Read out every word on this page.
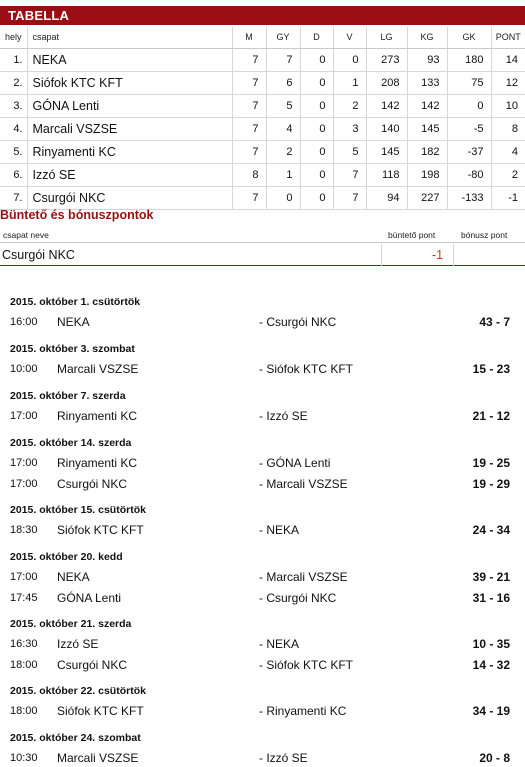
TABELLA
hely	csapat	M	GY	D	V	LG	KG	GK	PONT
1.	NEKA	7	7	0	0	273	93	180	14
2.	Siófok KTC KFT	7	6	0	1	208	133	75	12
3.	GÓNA Lenti	7	5	0	2	142	142	0	10
4.	Marcali VSZSE	7	4	0	3	140	145	-5	8
5.	Rinyamenti KC	7	2	0	5	145	182	-37	4
6.	Izzó SE	8	1	0	7	118	198	-80	2
7.	Csurgói NKC	7	0	0	7	94	227	-133	-1
Büntető és bónuszpontok
csapat neve	büntető pont	bónusz pont
Csurgói NKC	-1
2015. október 1. csütörtök
16:00 NEKA	- Csurgói NKC	43 - 7
2015. október 3. szombat
10:00 Marcali VSZSE	- Siófok KTC KFT	15 - 23
2015. október 7. szerda
17:00 Rinyamenti KC	- Izzó SE	21 - 12
2015. október 14. szerda
17:00 Rinyamenti KC	- GÓNA Lenti	19 - 25
17:00 Csurgói NKC	- Marcali VSZSE	19 - 29
2015. október 15. csütörtök
18:30 Siófok KTC KFT	- NEKA	24 - 34
2015. október 20. kedd
17:00 NEKA	- Marcali VSZSE	39 - 21
17:45 GÓNA Lenti	- Csurgói NKC	31 - 16
2015. október 21. szerda
16:30 Izzó SE	- NEKA	10 - 35
18:00 Csurgói NKC	- Siófok KTC KFT	14 - 32
2015. október 22. csütörtök
18:00 Siófok KTC KFT	- Rinyamenti KC	34 - 19
2015. október 24. szombat
10:30 Marcali VSZSE	- Izzó SE	20 - 8
